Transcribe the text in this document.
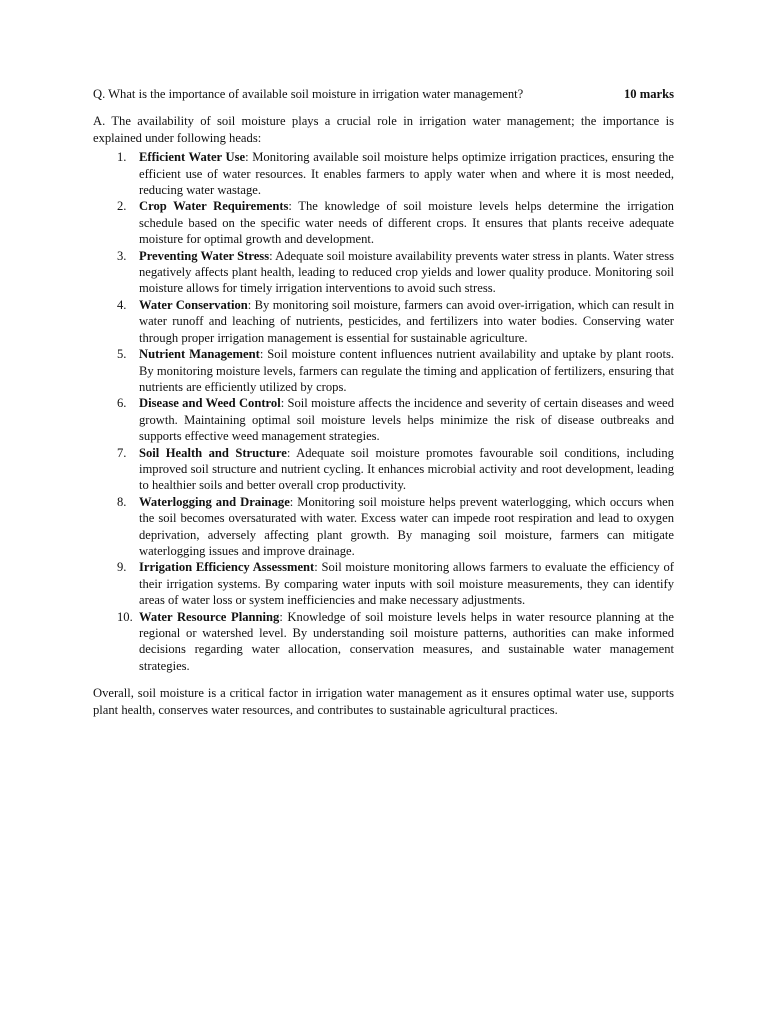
Q. What is the importance of available soil moisture in irrigation water management?	10 marks

A. The availability of soil moisture plays a crucial role in irrigation water management; the importance is explained under following heads:

1. Efficient Water Use: Monitoring available soil moisture helps optimize irrigation practices, ensuring the efficient use of water resources. It enables farmers to apply water when and where it is most needed, reducing water wastage.
2. Crop Water Requirements: The knowledge of soil moisture levels helps determine the irrigation schedule based on the specific water needs of different crops. It ensures that plants receive adequate moisture for optimal growth and development.
3. Preventing Water Stress: Adequate soil moisture availability prevents water stress in plants. Water stress negatively affects plant health, leading to reduced crop yields and lower quality produce. Monitoring soil moisture allows for timely irrigation interventions to avoid such stress.
4. Water Conservation: By monitoring soil moisture, farmers can avoid over-irrigation, which can result in water runoff and leaching of nutrients, pesticides, and fertilizers into water bodies. Conserving water through proper irrigation management is essential for sustainable agriculture.
5. Nutrient Management: Soil moisture content influences nutrient availability and uptake by plant roots. By monitoring moisture levels, farmers can regulate the timing and application of fertilizers, ensuring that nutrients are efficiently utilized by crops.
6. Disease and Weed Control: Soil moisture affects the incidence and severity of certain diseases and weed growth. Maintaining optimal soil moisture levels helps minimize the risk of disease outbreaks and supports effective weed management strategies.
7. Soil Health and Structure: Adequate soil moisture promotes favourable soil conditions, including improved soil structure and nutrient cycling. It enhances microbial activity and root development, leading to healthier soils and better overall crop productivity.
8. Waterlogging and Drainage: Monitoring soil moisture helps prevent waterlogging, which occurs when the soil becomes oversaturated with water. Excess water can impede root respiration and lead to oxygen deprivation, adversely affecting plant growth. By managing soil moisture, farmers can mitigate waterlogging issues and improve drainage.
9. Irrigation Efficiency Assessment: Soil moisture monitoring allows farmers to evaluate the efficiency of their irrigation systems. By comparing water inputs with soil moisture measurements, they can identify areas of water loss or system inefficiencies and make necessary adjustments.
10. Water Resource Planning: Knowledge of soil moisture levels helps in water resource planning at the regional or watershed level. By understanding soil moisture patterns, authorities can make informed decisions regarding water allocation, conservation measures, and sustainable water management strategies.

Overall, soil moisture is a critical factor in irrigation water management as it ensures optimal water use, supports plant health, conserves water resources, and contributes to sustainable agricultural practices.
